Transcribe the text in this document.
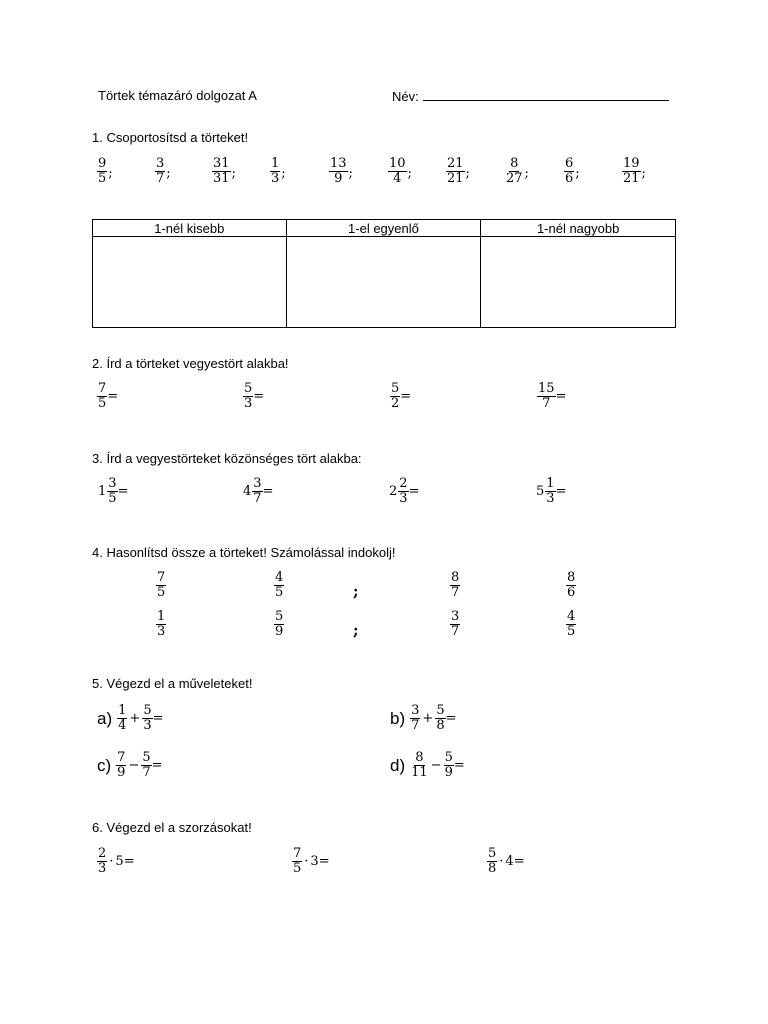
Törtek témazáró dolgozat A	Név:
1. Csoportosítsd a törteket!
$\frac{9}{5}$ ;	$\frac{3}{7}$ ;	$\frac{31}{31}$ ;	$\frac{1}{3}$ ;	$\frac{13}{9}$ ;	$\frac{10}{4}$ ;	$\frac{21}{21}$ ;	$\frac{8}{27}$ ;	$\frac{6}{6}$ ;	$\frac{19}{21}$ ;
1-nél kisebb	1-el egyenlő	1-nél nagyobb

2. Írd a törteket vegyestört alakba!
$\frac{7}{5}$ =	$\frac{5}{3}$ =	$\frac{5}{2}$ =	$\frac{15}{7}$ =
3. Írd a vegyestörteket közönséges tört alakba:
$1 \frac{3}{5}$ =	$4 \frac{3}{7}$ =	$2 \frac{2}{3}$ =	$5 \frac{1}{3}$ =
4. Hasonlítsd össze a törteket! Számolással indokolj!
$\frac{7}{5}$	$\frac{4}{5}$	;	$\frac{8}{7}$	$\frac{8}{6}$
$\frac{1}{3}$	$\frac{5}{9}$	;	$\frac{3}{7}$	$\frac{4}{5}$
5. Végezd el a műveleteket!
$a) \frac{1}{4} + \frac{5}{3}$ =	$b) \frac{3}{7} + \frac{5}{8}$ =
$c) \frac{7}{9} - \frac{5}{7}$ =	$d) \frac{8}{11} - \frac{5}{9}$ =
6. Végezd el a szorzásokat!
$\frac{2}{3} \cdot 5$ =	$\frac{7}{5} \cdot 3$ =	$\frac{5}{8} \cdot 4$ =
